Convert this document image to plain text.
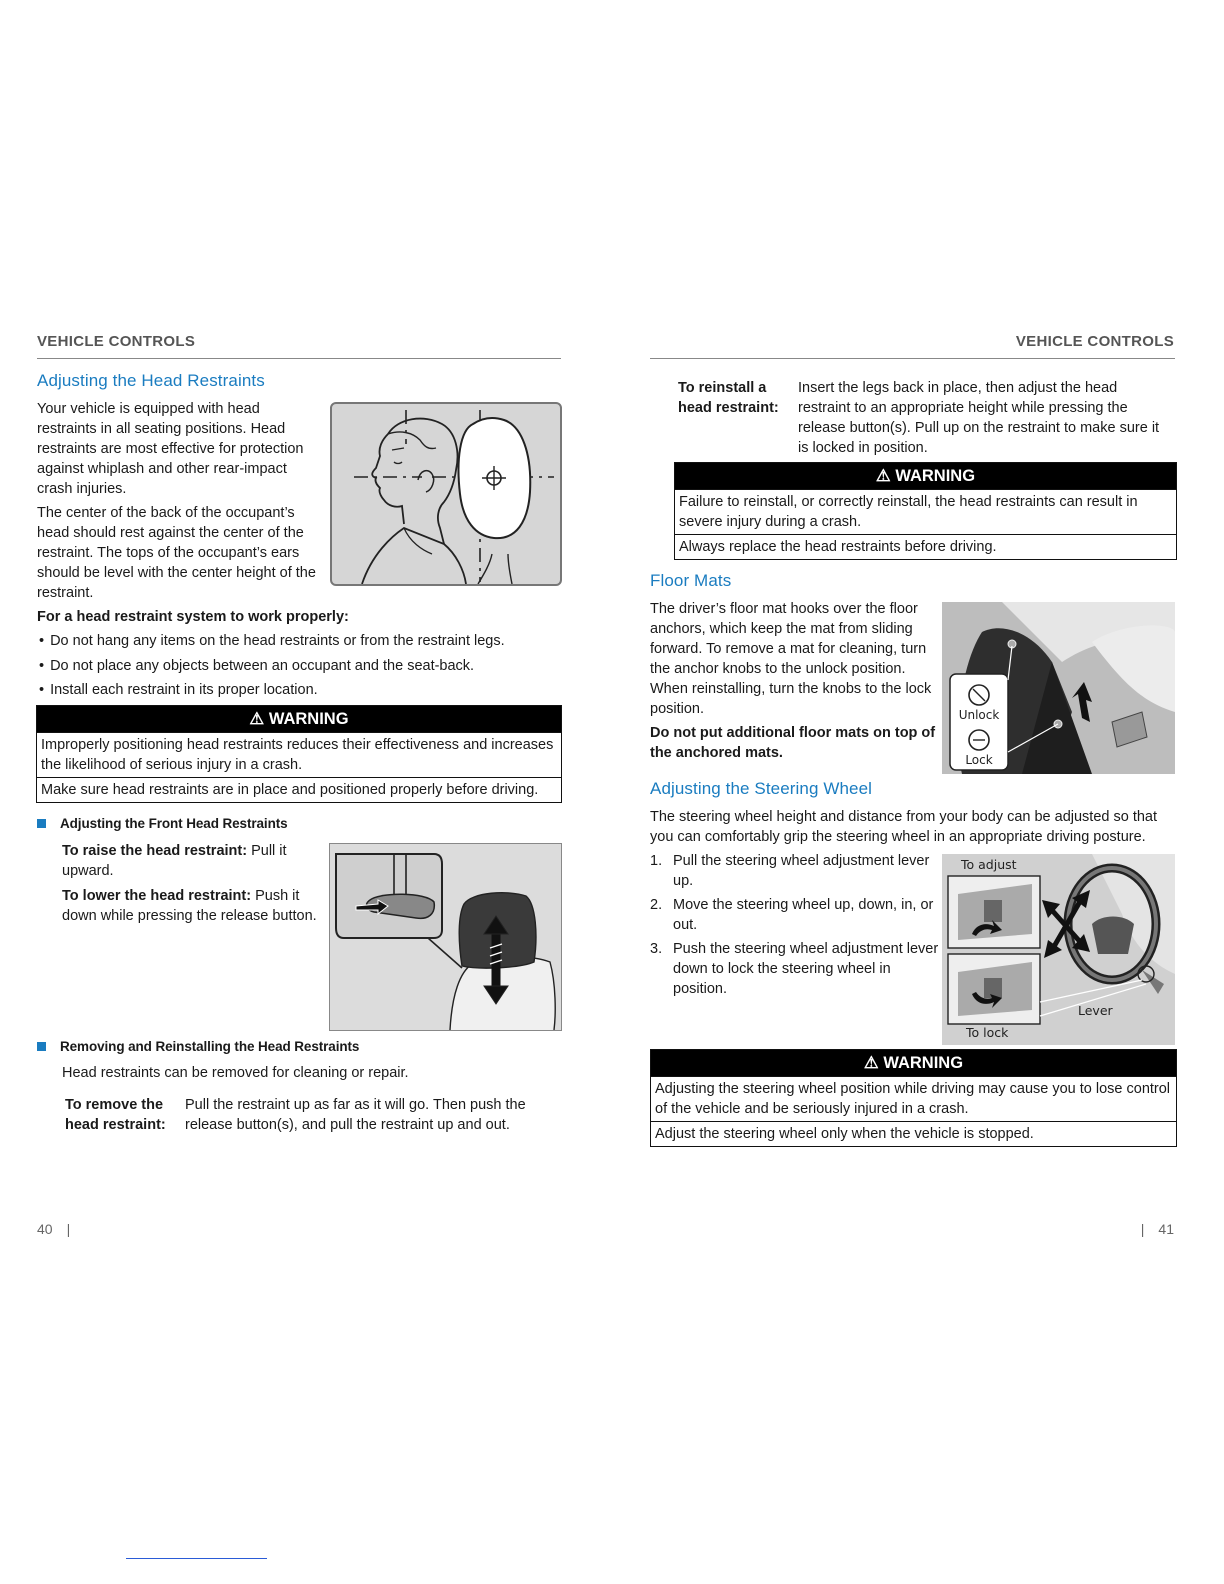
VEHICLE CONTROLS
Adjusting the Head Restraints

Your vehicle is equipped with head restraints in all seating positions. Head restraints are most effective for protection against whiplash and other rear-impact crash injuries.

The center of the back of the occupant’s head should rest against the center of the restraint. The tops of the occupant’s ears should be level with the center height of the restraint.

For a head restraint system to work properly:
• Do not hang any items on the head restraints or from the restraint legs.
• Do not place any objects between an occupant and the seat-back.
• Install each restraint in its proper location.
⚠ WARNING
Improperly positioning head restraints reduces their effectiveness and increases the likelihood of serious injury in a crash.
Make sure head restraints are in place and positioned properly before driving.
Adjusting the Front Head Restraints

To raise the head restraint: Pull it upward.

To lower the head restraint: Push it down while pressing the release button.

Removing and Reinstalling the Head Restraints
Head restraints can be removed for cleaning or repair.
To remove the head restraint:
Pull the restraint up as far as it will go. Then push the release button(s), and pull the restraint up and out.
40 |
VEHICLE CONTROLS
To reinstall a head restraint:
Insert the legs back in place, then adjust the head restraint to an appropriate height while pressing the release button(s). Pull up on the restraint to make sure it is locked in position.
⚠ WARNING
Failure to reinstall, or correctly reinstall, the head restraints can result in severe injury during a crash.
Always replace the head restraints before driving.
Floor Mats

The driver’s floor mat hooks over the floor anchors, which keep the mat from sliding forward. To remove a mat for cleaning, turn the anchor knobs to the unlock position. When reinstalling, turn the knobs to the lock position.

Do not put additional floor mats on top of the anchored mats.

Unlock
Lock
Adjusting the Steering Wheel
The steering wheel height and distance from your body can be adjusted so that you can comfortably grip the steering wheel in an appropriate driving posture.
1. Pull the steering wheel adjustment lever up.
2. Move the steering wheel up, down, in, or out.
3. Push the steering wheel adjustment lever down to lock the steering wheel in position.
To adjust
To lock
Lever
⚠ WARNING
Adjusting the steering wheel position while driving may cause you to lose control of the vehicle and be seriously injured in a crash.
Adjust the steering wheel only when the vehicle is stopped.
| 41
